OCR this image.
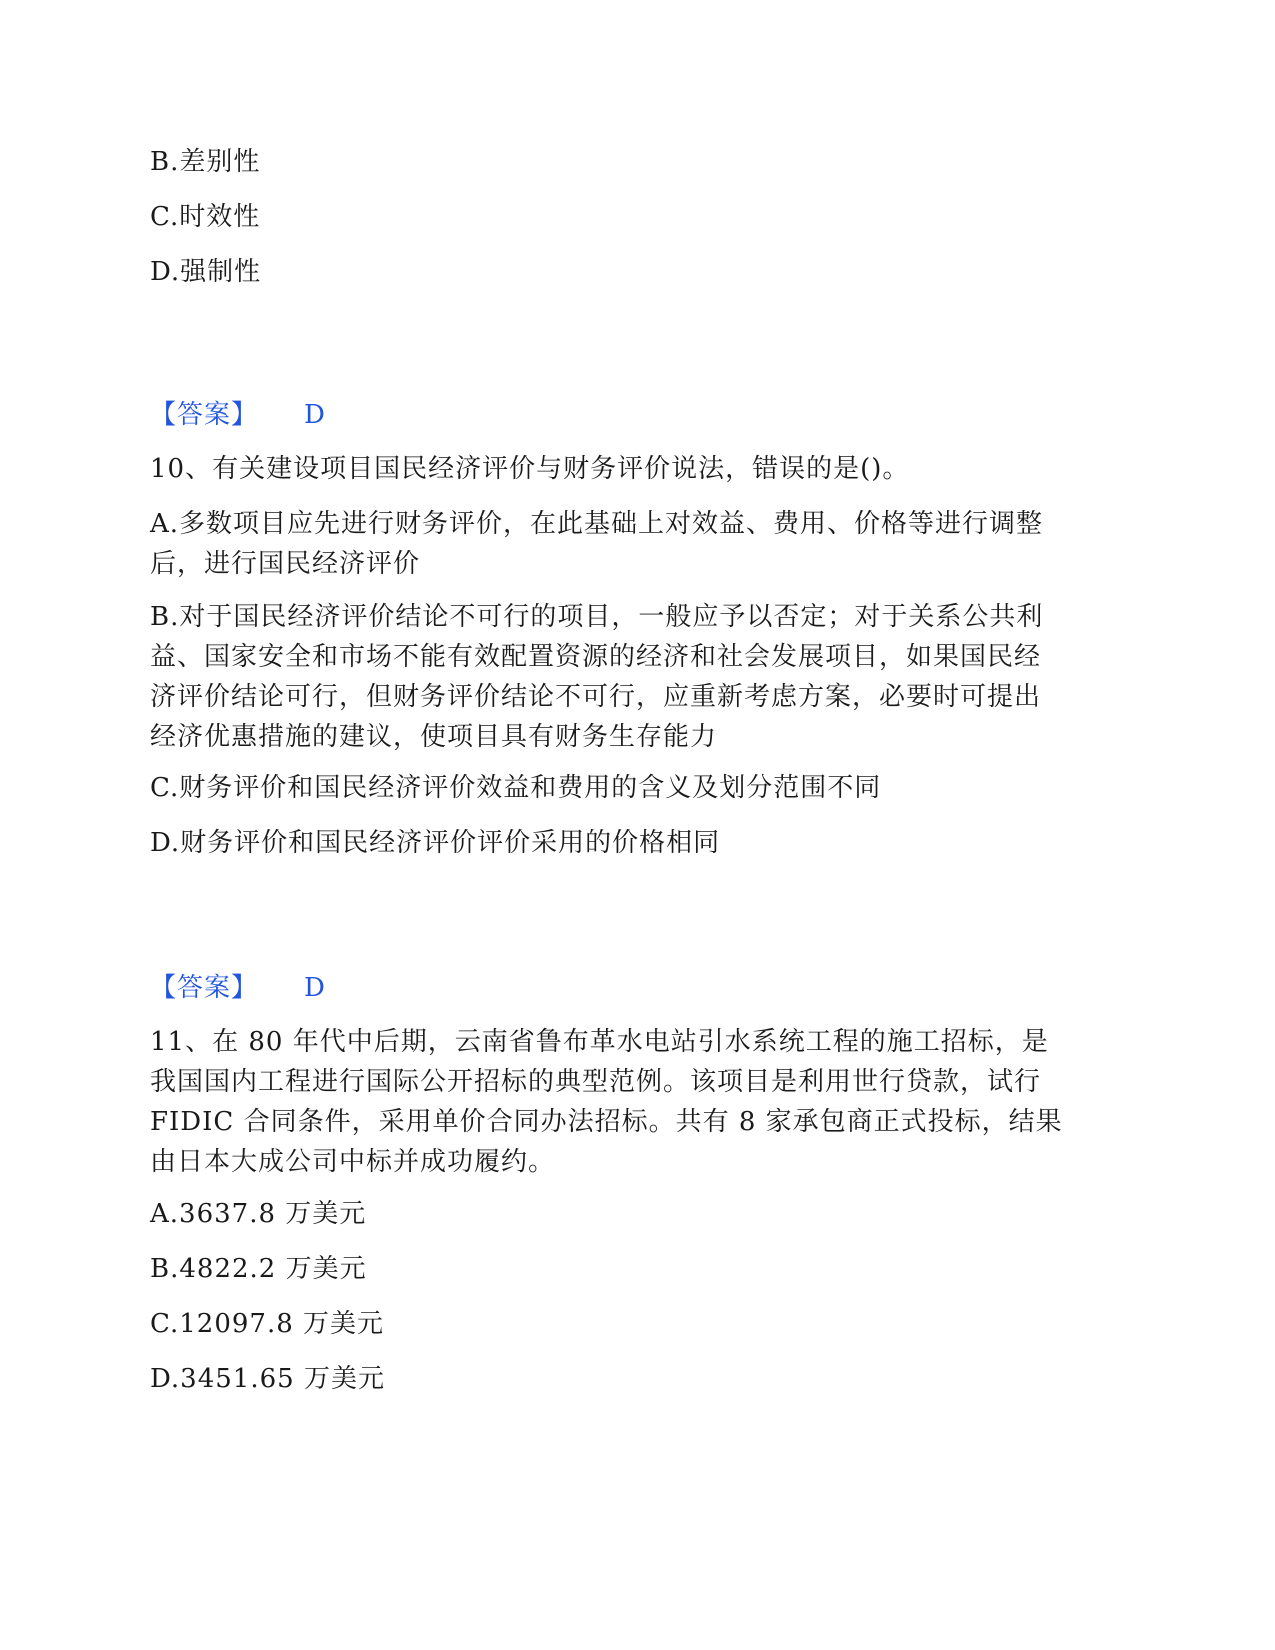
B.差别性
C.时效性
D.强制性
【答案】 D
10、有关建设项目国民经济评价与财务评价说法，错误的是()。
A.多数项目应先进行财务评价，在此基础上对效益、费用、价格等进行调整
后，进行国民经济评价
B.对于国民经济评价结论不可行的项目，一般应予以否定；对于关系公共利
益、国家安全和市场不能有效配置资源的经济和社会发展项目，如果国民经
济评价结论可行，但财务评价结论不可行，应重新考虑方案，必要时可提出
经济优惠措施的建议，使项目具有财务生存能力
C.财务评价和国民经济评价效益和费用的含义及划分范围不同
D.财务评价和国民经济评价评价采用的价格相同
【答案】 D
11、在 80 年代中后期，云南省鲁布革水电站引水系统工程的施工招标，是
我国国内工程进行国际公开招标的典型范例。该项目是利用世行贷款，试行
FIDIC 合同条件，采用单价合同办法招标。共有 8 家承包商正式投标，结果
由日本大成公司中标并成功履约。
A.3637.8 万美元
B.4822.2 万美元
C.12097.8 万美元
D.3451.65 万美元
